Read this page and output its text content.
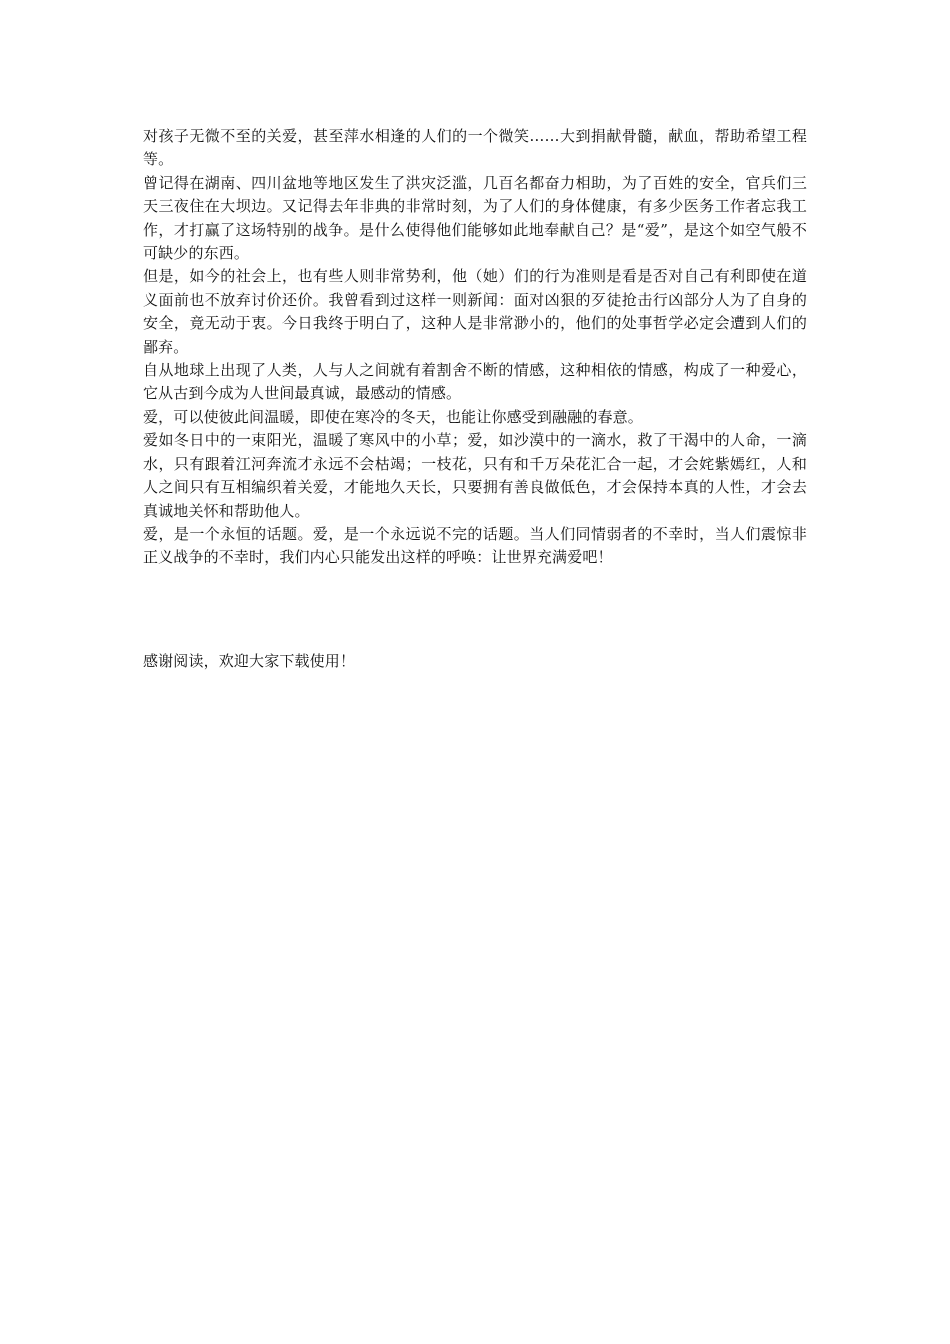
对孩子无微不至的关爱，甚至萍水相逢的人们的一个微笑……大到捐献骨髓，献血，帮助希望工程等。

曾记得在湖南、四川盆地等地区发生了洪灾泛滥，几百名都奋力相助，为了百姓的安全，官兵们三天三夜住在大坝边。又记得去年非典的非常时刻，为了人们的身体健康，有多少医务工作者忘我工作，才打赢了这场特别的战争。是什么使得他们能够如此地奉献自己？是“爱”，是这个如空气般不可缺少的东西。

但是，如今的社会上，也有些人则非常势利，他（她）们的行为准则是看是否对自己有利即使在道义面前也不放弃讨价还价。我曾看到过这样一则新闻：面对凶狠的歹徒抢击行凶部分人为了自身的安全，竟无动于衷。今日我终于明白了，这种人是非常渺小的，他们的处事哲学必定会遭到人们的鄙弃。

自从地球上出现了人类，人与人之间就有着割舍不断的情感，这种相依的情感，构成了一种爱心，它从古到今成为人世间最真诚，最感动的情感。

爱，可以使彼此间温暖，即使在寒冷的冬天，也能让你感受到融融的春意。

爱如冬日中的一束阳光，温暖了寒风中的小草；爱，如沙漠中的一滴水，救了干渴中的人命，一滴水，只有跟着江河奔流才永远不会枯竭；一枝花，只有和千万朵花汇合一起，才会姹紫嫣红，人和人之间只有互相编织着关爱，才能地久天长，只要拥有善良做低色，才会保持本真的人性，才会去真诚地关怀和帮助他人。

爱，是一个永恒的话题。爱，是一个永远说不完的话题。当人们同情弱者的不幸时，当人们震惊非正义战争的不幸时，我们内心只能发出这样的呼唤：让世界充满爱吧！

感谢阅读，欢迎大家下载使用！
